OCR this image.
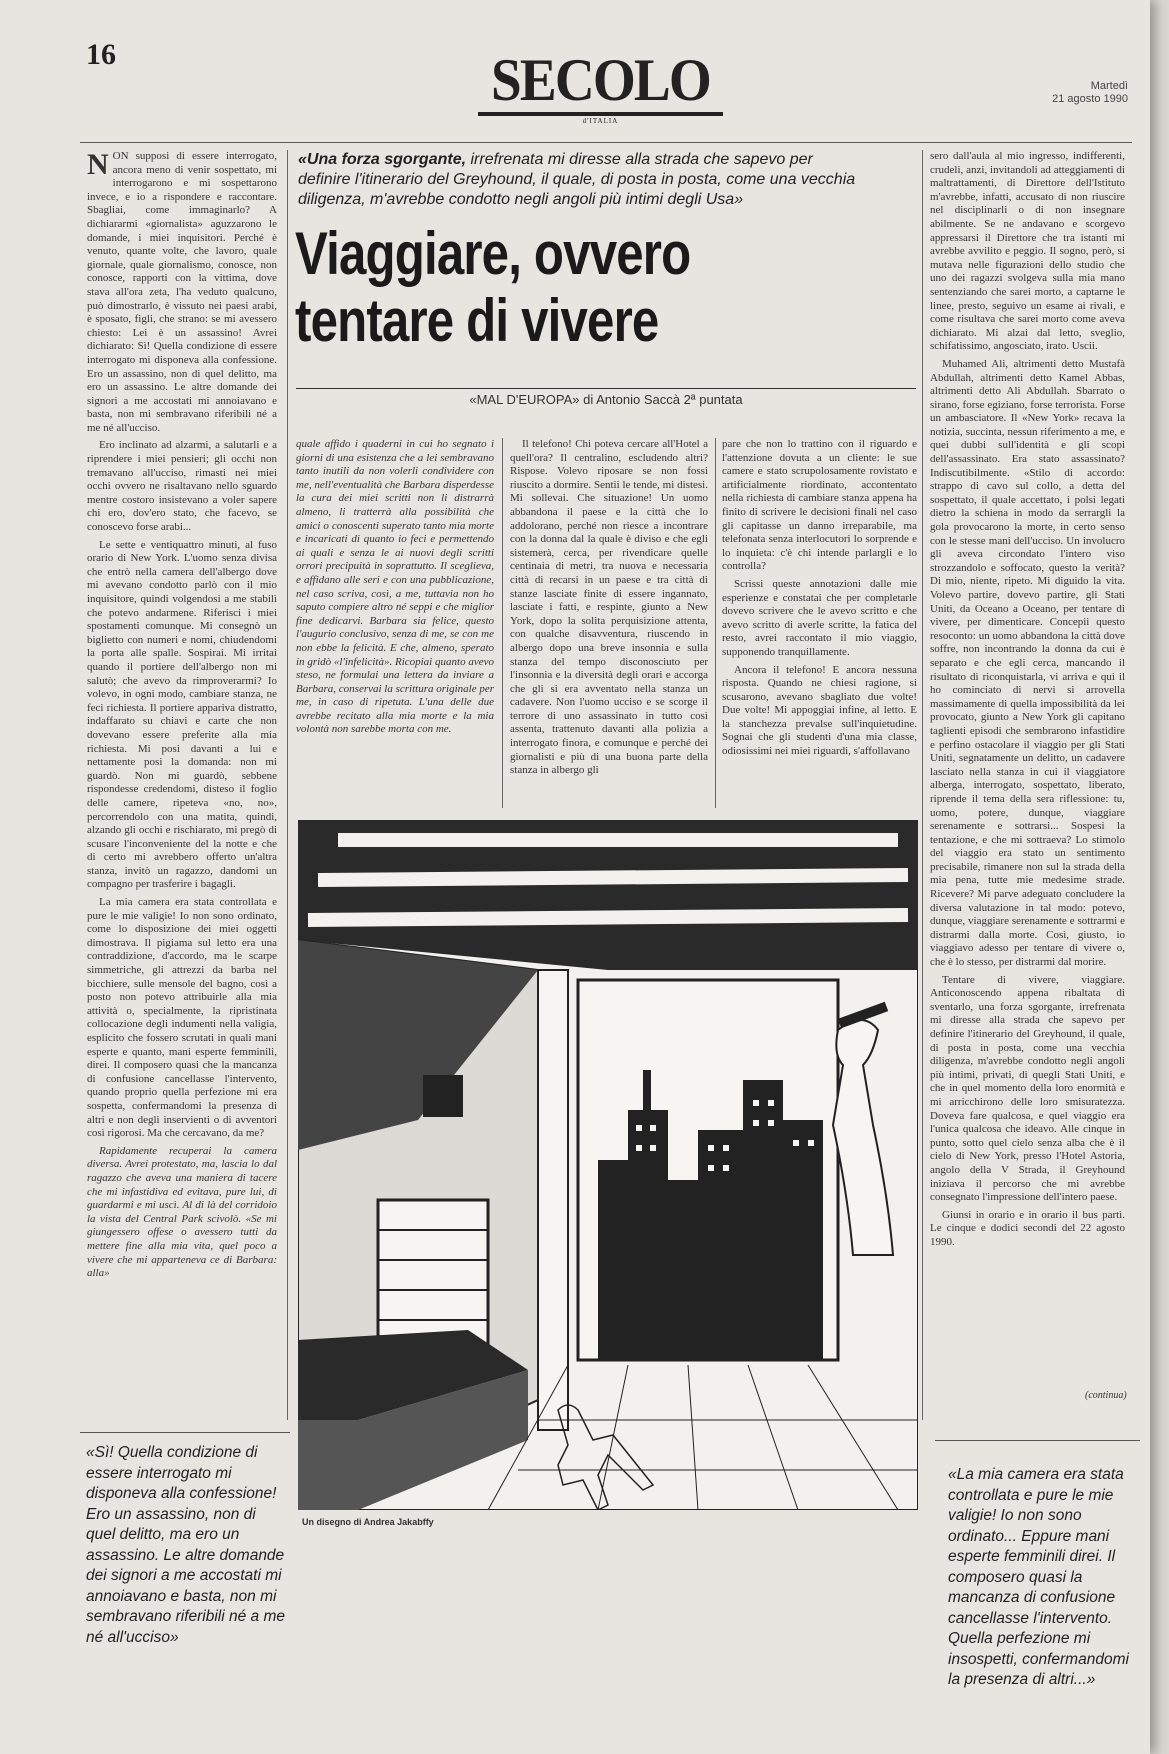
16	SECOLO
d'ITALIA
Martedì
21 agosto 1990
N ON supposi di essere interrogato, ancora meno di venir sospettato, mi interrogarono e mi sospettarono invece, e io a rispondere e raccontare. Sbagliai, come immaginarlo? A dichiararmi «giornalista» aguzzarono le domande, i miei inquisitori. Perché è venuto, quante volte, che lavoro, quale giornale, quale giornalismo, conosce, non conosce, rapporti con la vittima, dove stava all'ora zeta, l'ha veduto qualcuno, può dimostrarlo, è vissuto nei paesi arabi, è sposato, figli, che strano: se mi avessero chiesto: Lei è un assassino! Avrei dichiarato: Sì! Quella condizione di essere interrogato mi disponeva alla confessione. Ero un assassino, non di quel delitto, ma ero un assassino. Le altre domande dei signori a me accostati mi annoiavano e basta, non mi sembravano riferibili né a me né all'ucciso.

Ero inclinato ad alzarmi, a salutarli e a riprendere i miei pensieri; gli occhi non tremavano all'ucciso, rimasti nei miei occhi ovvero ne risaltavano nello sguardo mentre costoro insistevano a voler sapere chi ero, dov'ero stato, che facevo, se conoscevo forse arabi...

Le sette e ventiquattro minuti, al fuso orario di New York. L'uomo senza divisa che entrò nella camera dell'albergo dove mi avevano condotto parlò con il mio inquisitore, quindi volgendosi a me stabilì che potevo andarmene. Riferisci i miei spostamenti comunque. Mi consegnò un biglietto con numeri e nomi, chiudendomi la porta alle spalle. Sospirai. Mi irritai quando il portiere dell'albergo non mi salutò; che avevo da rimproverarmi? Io volevo, in ogni modo, cambiare stanza, ne feci richiesta. Il portiere appariva distratto, indaffarato su chiavi e carte che non dovevano essere preferite alla mia richiesta. Mi posi davanti a lui e nettamente posi la domanda: non mi guardò. Non mi guardò, sebbene rispondesse credendomi, disteso il foglio delle camere, ripeteva «no, no», percorrendolo con una matita, quindi, alzando gli occhi e rischiarato, mi pregò di scusare l'inconveniente del la notte e che di certo mi avrebbero offerto un'altra stanza, invitò un ragazzo, dandomi un compagno per trasferire i bagagli.

La mia camera era stata controllata e pure le mie valigie! Io non sono ordinato, come lo disposizione dei miei oggetti dimostrava. Il pigiama sul letto era una contraddizione, d'accordo, ma le scarpe simmetriche, gli attrezzi da barba nel bicchiere, sulle mensole del bagno, così a posto non potevo attribuirle alla mia attività o, specialmente, la ripristinata collocazione degli indumenti nella valigia, esplicito che fossero scrutati in quali mani esperte e quanto, mani esperte femminili, direi. Il composero quasi che la mancanza di confusione cancellasse l'intervento, quando proprio quella perfezione mi era sospetta, confermandomi la presenza di altri e non degli inservienti o di avventori così rigorosi. Ma che cercavano, da me?

Rapidamente recuperai la camera diversa. Avrei protestato, ma, lascia lo dal ragazzo che aveva una maniera di tacere che mi infastidiva ed evitava, pure lui, di guardarmi e mi uscì. Al di là del corridoio la vista del Central Park scivolò. «Se mi giungessero offese o avessero tutti da mettere fine alla mia vita, quel poco a vivere che mi apparteneva ce di Barbara: alla»

«Una forza sgorgante, irrefrenata mi diresse alla strada che sapevo per definire l'itinerario del Greyhound, il quale, di posta in posta, come una vecchia diligenza, m'avrebbe condotto negli angoli più intimi degli Usa»
Viaggiare, ovvero
tentare di vivere
«MAL D'EUROPA» di Antonio Saccà 2ª puntata

quale affido i quaderni in cui ho segnato i giorni di una esistenza che a lei sembravano tanto inutili da non volerli condividere con me, nell'eventualità che Barbara disperdesse la cura dei miei scritti non li distrarrà almeno, li tratterrà alla possibilità che amici o conoscenti superato tanto mia morte e incaricati di quanto io feci e permettendo ai quali e senza le ai nuovi degli scritti orrori precipuità in soprattutto. Il sceglieva, e affidano alle seri e con una pubblicazione, nel caso scriva, così, a me, tuttavia non ho saputo compiere altro né seppi e che miglior fine dedicarvi. Barbara sia felice, questo l'augurio conclusivo, senza di me, se con me non ebbe la felicità. E che, almeno, sperato in gridò «l'infelicità». Ricopiai quanto avevo steso, ne formulai una lettera da inviare a Barbara, conservai la scrittura originale per me, in caso di ripetuta. L'una delle due avrebbe recitato alla mia morte e la mia volontà non sarebbe morta con me.

Il telefono! Chi poteva cercare all'Hotel a quell'ora? Il centralino, escludendo altri? Rispose. Volevo riposare se non fossi riuscito a dormire. Sentii le tende, mi distesi. Mi sollevai. Che situazione! Un uomo abbandona il paese e la città che lo addolorano, perché non riesce a incontrare con la donna dal la quale è diviso e che egli sistemerà, cerca, per rivendicare quelle centinaia di metri, tra nuova e necessaria città di recarsi in un paese e tra città di stanze lasciate finite di essere ingannato, lasciate i fatti, e respinte, giunto a New York, dopo la solita perquisizione attenta, con qualche disavventura, riuscendo in albergo dopo una breve insonnia e sulla stanza del tempo disconosciuto per l'insonnia e la diversità degli orari e accorga che gli si era avventato nella stanza un cadavere. Non l'uomo ucciso e se scorge il terrore di uno assassinato in tutto così assenta, trattenuto davanti alla polizia a interrogato finora, e comunque e perché dei giornalisti e più di una buona parte della stanza in albergo gli

pare che non lo trattino con il riguardo e l'attenzione dovuta a un cliente: le sue camere e stato scrupolosamente rovistato e artificialmente riordinato, accontentato nella richiesta di cambiare stanza appena ha finito di scrivere le decisioni finali nel caso gli capitasse un danno irreparabile, ma telefonata senza interlocutori lo sorprende e lo inquieta: c'è chi intende parlargli e lo controlla?

Scrissi queste annotazioni dalle mie esperienze e constatai che per completarle dovevo scrivere che le avevo scritto e che avevo scritto di averle scritte, la fatica del resto, avrei raccontato il mio viaggio, supponendo tranquillamente.

Ancora il telefono! E ancora nessuna risposta. Quando ne chiesi ragione, si scusarono, avevano sbagliato due volte! Due volte! Mi appoggiai infine, al letto. E la stanchezza prevalse sull'inquietudine. Sognai che gli studenti d'una mia classe, odiosissimi nei miei riguardi, s'affollavano

sero dall'aula al mio ingresso, indifferenti, crudeli, anzi, invitandoli ad atteggiamenti di maltrattamenti, di Direttore dell'Istituto m'avrebbe, infatti, accusato di non riuscire nel disciplinarli o di non insegnare abilmente. Se ne andavano e scorgevo appressarsi il Direttore che tra istanti mi avrebbe avvilito e peggio. Il sogno, però, si mutava nelle figurazioni dello studio che uno dei ragazzi svolgeva sulla mia mano sentenziando che sarei morto, a captarne le linee, presto, seguivo un esame ai rivali, e come risultava che sarei morto come aveva dichiarato. Mi alzai dal letto, sveglio, schifatissimo, angosciato, irato. Uscii.

Muhamed Ali, altrimenti detto Mustafà Abdullah, altrimenti detto Kamel Abbas, altrimenti detto Ali Abdullah. Sbarrato o sirano, forse egiziano, forse terrorista. Forse un ambasciatore. Il «New York» recava la notizia, succinta, nessun riferimento a me, e quei dubbi sull'identità e gli scopi dell'assassinato. Era stato assassinato? Indiscutibilmente. «Stilo di accordo: strappo di cavo sul collo, a detta del sospettato, il quale accettato, i polsi legati dietro la schiena in modo da serrargli la gola provocarono la morte, in certo senso con le stesse mani dell'ucciso. Un involucro gli aveva circondato l'intero viso strozzandolo e soffocato, questo la verità? Di mio, niente, ripeto. Mi diguido la vita. Volevo partire, dovevo partire, gli Stati Uniti, da Oceano a Oceano, per tentare di vivere, per dimenticare. Concepii questo resoconto: un uomo abbandona la città dove soffre, non incontrando la donna da cui è separato e che egli cerca, mancando il risultato di riconquistarla, vi arriva e qui il ho cominciato di nervi si arrovella massimamente di quella impossibilità da lei provocato, giunto a New York gli capitano taglienti episodi che sembrarono infastidire e perfino ostacolare il viaggio per gli Stati Uniti, segnatamente un delitto, un cadavere lasciato nella stanza in cui il viaggiatore alberga, interrogato, sospettato, liberato, riprende il tema della sera riflessione: tu, uomo, potere, dunque, viaggiare serenamente e sottrarsi... Sospesi la tentazione, e che mi sottraeva? Lo stimolo del viaggio era stato un sentimento precisabile, rimanere non sul la strada della mia pena, tutte mie medesime strade. Ricevere? Mi parve adeguato concludere la diversa valutazione in tal modo: potevo, dunque, viaggiare serenamente e sottrarmi e distrarmi dalla morte. Così, giusto, io viaggiavo adesso per tentare di vivere o, che è lo stesso, per distrarmi dal morire.

Tentare di vivere, viaggiare. Anticonoscendo appena ribaltata di sventarlo, una forza sgorgante, irrefrenata mi diresse alla strada che sapevo per definire l'itinerario del Greyhound, il quale, di posta in posta, come una vecchia diligenza, m'avrebbe condotto negli angoli più intimi, privati, di quegli Stati Uniti, e che in quel momento della loro enormità e mi arricchirono delle loro smisuratezza. Doveva fare qualcosa, e quel viaggio era l'unica qualcosa che ideavo. Alle cinque in punto, sotto quel cielo senza alba che è il cielo di New York, presso l'Hotel Astoria, angolo della V Strada, il Greyhound iniziava il percorso che mi avrebbe consegnato l'impressione dell'intero paese.

Giunsi in orario e in orario il bus partì. Le cinque e dodici secondi del 22 agosto 1990.

(continua)
Un disegno di Andrea Jakabffy
«Sì! Quella condizione di essere interrogato mi disponeva alla confessione! Ero un assassino, non di quel delitto, ma ero un assassino. Le altre domande dei signori a me accostati mi annoiavano e basta, non mi sembravano riferibili né a me né all'ucciso»
«La mia camera era stata controllata e pure le mie valigie! Io non sono ordinato... Eppure mani esperte femminili direi. Il composero quasi la mancanza di confusione cancellasse l'intervento. Quella perfezione mi insospetti, confermandomi la presenza di altri...»
